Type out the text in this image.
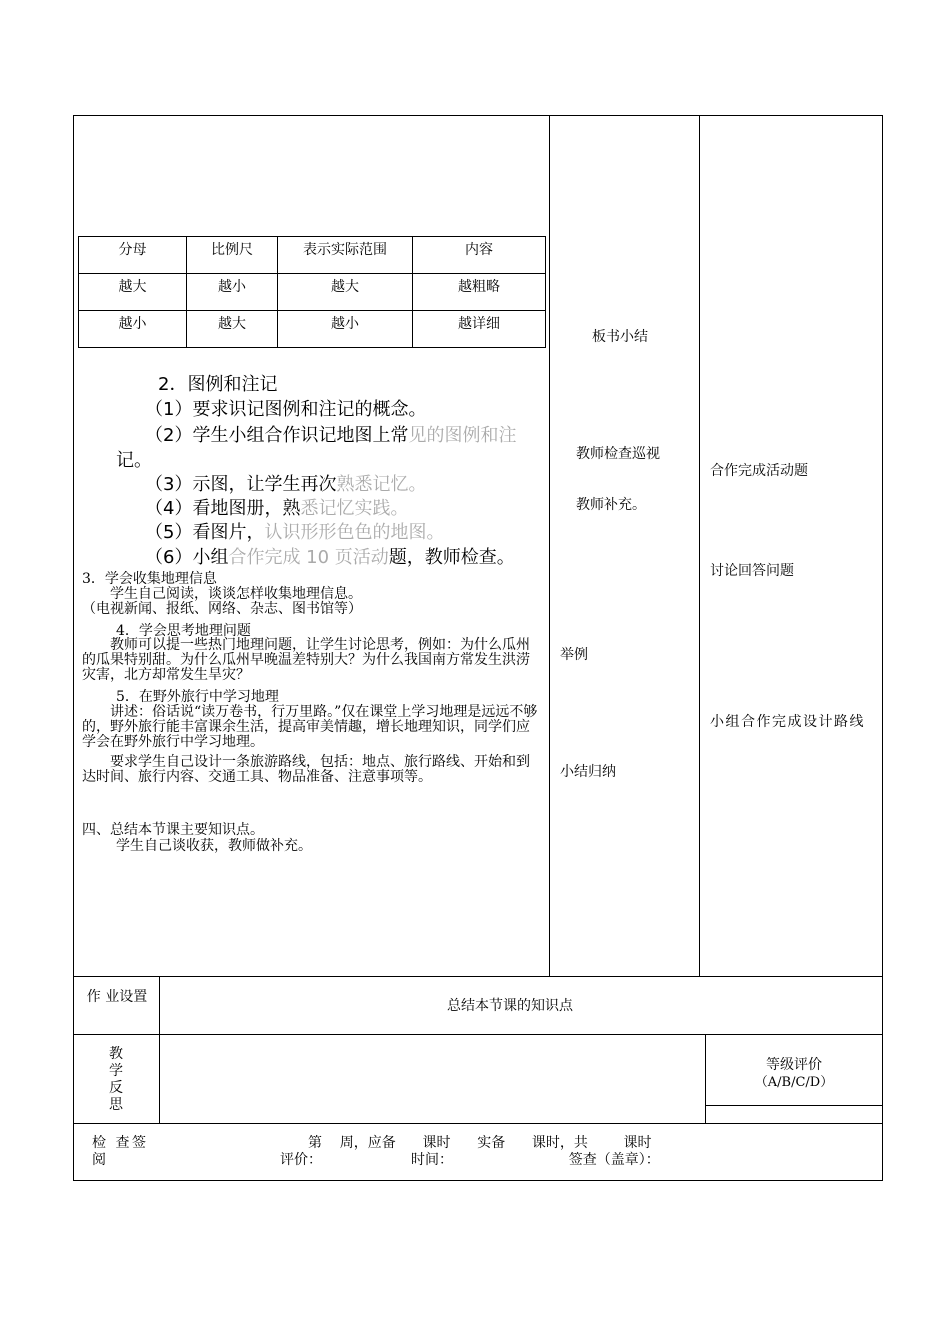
分母	比例尺	表示实际范围	内容
越大	越小	越大	越粗略
越小	越大	越小	越详细
2．图例和注记
（1）要求识记图例和注记的概念。
（2）学生小组合作识记地图上常见的图例和注
记。
（3）示图，让学生再次熟悉记忆。
（4）看地图册，熟悉记忆实践。
（5）看图片，认识形形色色的地图。
（6）小组合作完成 10 页活动题，教师检查。
3．学会收集地理信息
学生自己阅读，谈谈怎样收集地理信息。
（电视新闻、报纸、网络、杂志、图书馆等）
4．学会思考地理问题
教师可以提一些热门地理问题，让学生讨论思考，例如：为什么瓜州的瓜果特别甜。为什么瓜州早晚温差特别大？为什么我国南方常发生洪涝灾害，北方却常发生旱灾？
5．在野外旅行中学习地理
讲述：俗话说“读万卷书，行万里路。”仅在课堂上学习地理是远远不够的，野外旅行能丰富课余生活，提高审美情趣，增长地理知识，同学们应学会在野外旅行中学习地理。
要求学生自己设计一条旅游路线，包括：地点、旅行路线、开始和到达时间、旅行内容、交通工具、物品准备、注意事项等。
四、总结本节课主要知识点。
学生自己谈收获，教师做补充。
板书小结
教师检查巡视
教师补充。
举例
小结归纳
合作完成活动题
讨论回答问题
小组合作完成设计路线
作 业设置
总结本节课的知识点
教学反思
等级评价
（A/B/C/D）
检 查签 阅
第    周，应备      课时      实备      课时，共        课时
评价：                    时间：                          签查（盖章）：
